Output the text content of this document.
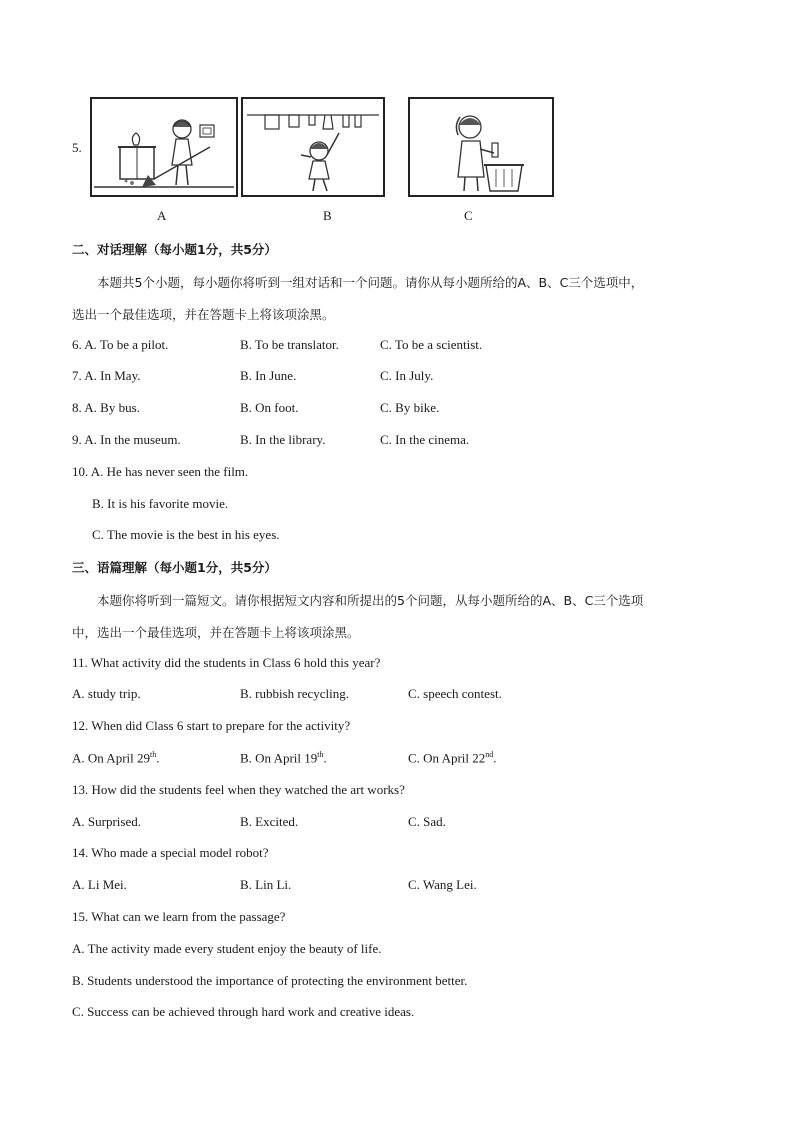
5.
A	B	C
二、对话理解（每小题1分，共5分）
本题共5个小题，每小题你将听到一组对话和一个问题。请你从每小题所给的A、B、C三个选项中，
选出一个最佳选项，并在答题卡上将该项涂黑。
6. A. To be a pilot.	B. To be translator.	C. To be a scientist.
7. A. In May.	B. In June.	C. In July.
8. A. By bus.	B. On foot.	C. By bike.
9. A. In the museum.	B. In the library.	C. In the cinema.
10. A. He has never seen the film.
B. It is his favorite movie.
C. The movie is the best in his eyes.
三、语篇理解（每小题1分，共5分）
本题你将听到一篇短文。请你根据短文内容和所提出的5个问题，从每小题所给的A、B、C三个选项
中，选出一个最佳选项，并在答题卡上将该项涂黑。
11. What activity did the students in Class 6 hold this year?
A. study trip.	B. rubbish recycling.	C. speech contest.
12. When did Class 6 start to prepare for the activity?
A. On April 29th.	B. On April 19th.	C. On April 22nd.
13. How did the students feel when they watched the art works?
A. Surprised.	B. Excited.	C. Sad.
14. Who made a special model robot?
A. Li Mei.	B. Lin Li.	C. Wang Lei.
15. What can we learn from the passage?
A. The activity made every student enjoy the beauty of life.
B. Students understood the importance of protecting the environment better.
C. Success can be achieved through hard work and creative ideas.
